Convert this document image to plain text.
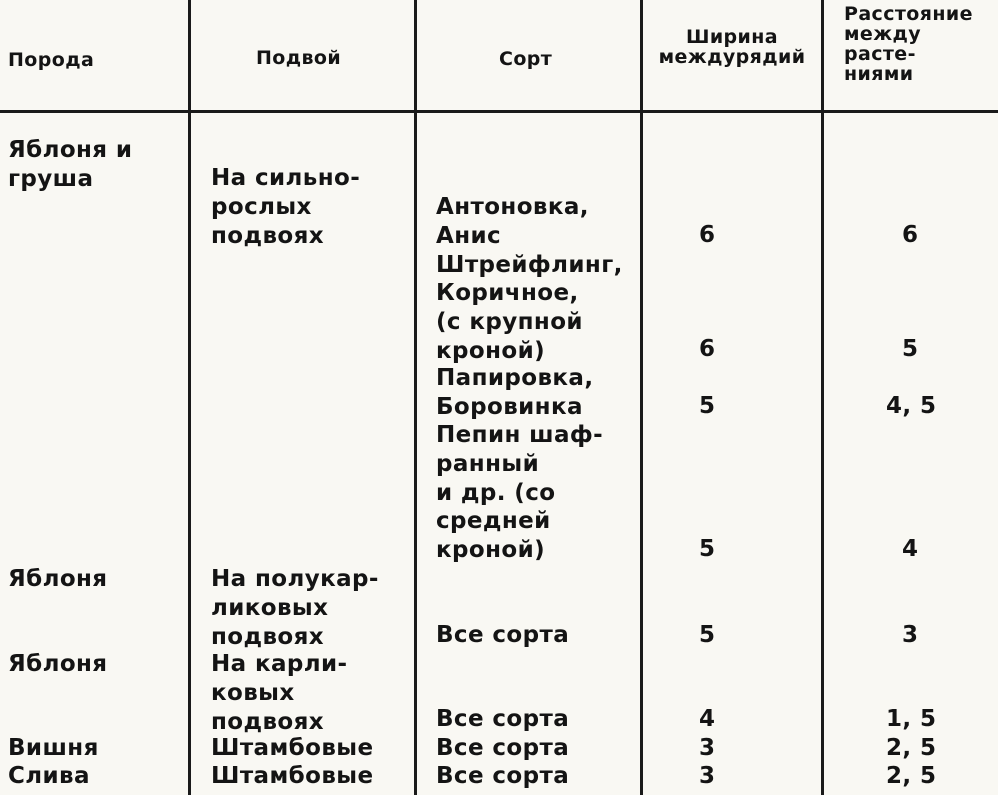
Порода	Подвой	Сорт
Ширина
междурядий
Расстояние
между
расте-
ниями
Яблоня и
груша
Яблоня
Яблоня
Вишня
Слива
На сильно-
рослых
подвоях
На полукар-
ликовых
подвоях
На карли-
ковых
подвоях
Штамбовые
Штамбовые
Антоновка,
Анис
Штрейфлинг,
Коричное,
(с крупной
кроной)
Папировка,
Боровинка
Пепин шаф-
ранный
и др. (со
средней
кроной)
Все сорта
Все сорта
Все сорта
Все сорта
6
6
5
5
5
4
3
3
6
5
4, 5
4
3
1, 5
2, 5
2, 5
